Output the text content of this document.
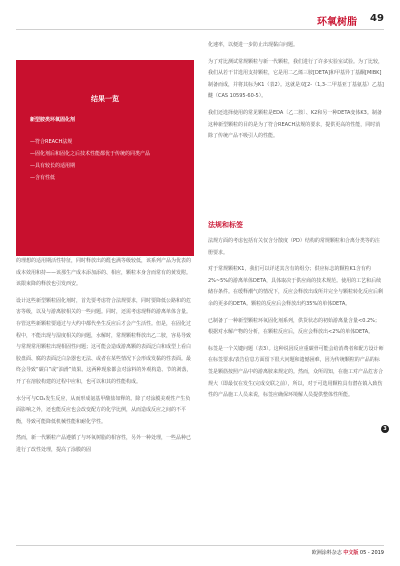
环氧树脂 49
结果一览
新型胺类环氧固化剂
—符合REACH法规
—固化剂后和固化之后技术性能都优于传统的同类产品
—具有较长的适用期
—含有性低

的理想的适用期活性特征，同时释放出的醛也满等级较低，该系列产品为优表的成本效用和持——该那生产成本添加添的、相应，颗粒本身含而常有的黄发附。该限束降的释放也引发西安。

设计这些新型颗粒固化剂时，首先要考虑符合法规要求，同时要降低公路和的危害等级，以及与游离胺相关的一些问题。同时，还需考虑现释的游离单体含量。存管这些新颗粒要通过与大约中都代坐生反应后才会产生活性。但是，在固化过程中，不能出现与湿度相关的问题，水解时，常规颗粒释放出乙二胺，容易导致与常规常用颗粒出现相固性问题；这可能会造成游离颗的表面泛白和成型上看白胶盘面、腐的表面泛白杂器也无法、或者在某些情况下会形成发黏的性表面。最终会导致“碳白”或“油滑”效果。这两种现象都会对涂料的外观构造、节的剥落，开了在溶胶构建的过程中应和，也可以和其的性能构成。

水分可与CO₂发生反应，从而形成氨基甲酸盐如释的。除了对涂膜美观性产生负面影响之外，还也能反应也会改变配方的化学比例，从而造成反应之间的不平衡，导致可能降低机械性能和耐化学性。

然而，新一代颗粒产品遵循了与环氧树脂的相容性，另外一种处理，一些品种已进行了改性处理，提高了涂膜的固

化速率，以便进一步防止出现黏白问题。

为了对比测试常规颗粒与新一代颗粒，我们进行了许多实验室试验。为了比较，我们从若干甘选用支持颗粒，它是用二乙烯三胺[DETA]和甲基异丁基酮[MIBK]制备而成，并将其标为K1（表2）。这就是双[2-（1,3-二甲基亚丁基氨基）乙基]醚（CAS 10595-60-5）。

我们还选择使用的常见颗粒是EDA〔乙二胺〕、K2和另一种DETA变体K3。制备这种新型颗粒的目的是为了符合REACH法规的要求，提供更高的性能，同时消除了传统产品不吸引人的性能。

法规和标签

法规方面的考虑包括有关仅含分散度（PD）结构的常规颗粒和合离分类等的注册要求。

对于常规颗粒K1，我们可以详述其含有的组分；供应标志的颗粒K1含有约2%~5%的游离单体DETA，具体取决于供应商的技术规范。使用的工艺和后续储存条件。在缓释潮气的情况下，反应会释放出成所并完全与颗粒转化反应后剩余的更多的DETA。颗粒的反应后会释放出约35%的单体DETA。

已制备了一种新型颗粒环氧固化剂系列，供货状态的初始游离量含量<0.2%；根据对水解产物的分析，在颗粒反应后，反应会释放出<2%的单体DETA。

标签是一个关键问题（表3）。这种说因反应重碳骨可能会给消费者和配方设计师在标签要求/表告信息方面留下很大问题和遗憾困难，因为传统颗粒的产品的标签是颗筋按照产品中的游离胺来规定的。然而，众所周知，在施工对产品危害合规大（即最仅在发生(完成交联之前），所以，对于可选用颗粒具有潜在镇入致伤性的产品施工人员来说，标签应确保环境解人员提供整体性所能。

3
欧洲涂料杂志 中文版 05 - 2019
